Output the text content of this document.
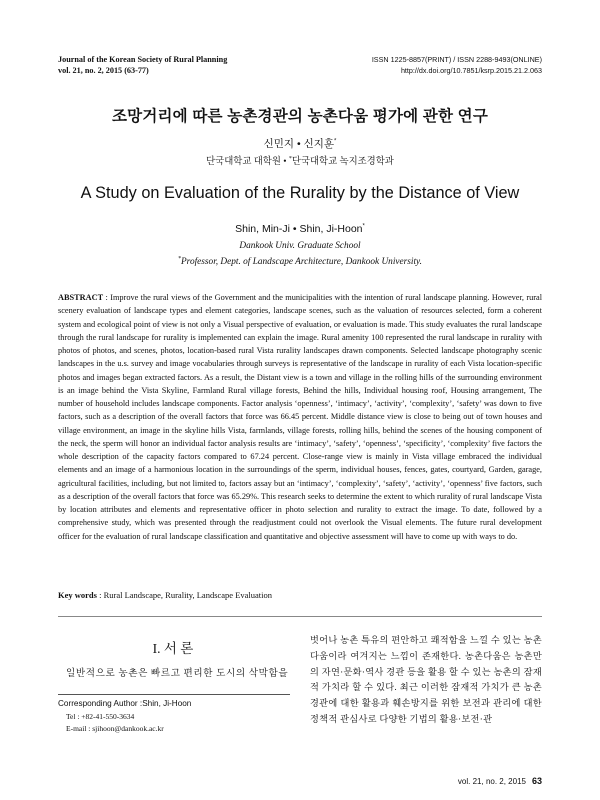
Journal of the Korean Society of Rural Planning
vol. 21, no. 2, 2015 (63-77)
ISSN 1225-8857(PRINT) / ISSN 2288-9493(ONLINE)
http://dx.doi.org/10.7851/ksrp.2015.21.2.063
조망거리에 따른 농촌경관의 농촌다움 평가에 관한 연구
신민지 • 신지훈*
단국대학교 대학원 • *단국대학교 녹지조경학과
A Study on Evaluation of the Rurality by the Distance of View
Shin, Min-Ji • Shin, Ji-Hoon*
Dankook Univ. Graduate School
*Professor, Dept. of Landscape Architecture, Dankook University.
ABSTRACT : Improve the rural views of the Government and the municipalities with the intention of rural landscape planning. However, rural scenery evaluation of landscape types and element categories, landscape scenes, such as the valuation of resources selected, form a coherent system and ecological point of view is not only a Visual perspective of evaluation, or evaluation is made. This study evaluates the rural landscape through the rural landscape for rurality is implemented can explain the image. Rural amenity 100 represented the rural landscape in rurality with photos of photos, and scenes, photos, location-based rural Vista rurality landscapes drawn components. Selected landscape photography scenic landscapes in the u.s. survey and image vocabularies through surveys is representative of the landscape in rurality of each Vista location-specific photos and images began extracted factors. As a result, the Distant view is a town and village in the rolling hills of the surrounding environment is an image behind the Vista Skyline, Farmland Rural village forests, Behind the hills, Individual housing roof, Housing arrangement, The number of household includes landscape components. Factor analysis ‘openness’, ‘intimacy’, ‘activity’, ‘complexity’, ‘safety’ was down to five factors, such as a description of the overall factors that force was 66.45 percent. Middle distance view is close to being out of town houses and village environment, an image in the skyline hills Vista, farmlands, village forests, rolling hills, behind the scenes of the housing component of the neck, the sperm will honor an individual factor analysis results are ‘intimacy’, ‘safety’, ‘openness’, ‘specificity’, ‘complexity’ five factors the whole description of the capacity factors compared to 67.24 percent. Close-range view is mainly in Vista village embraced the individual elements and an image of a harmonious location in the surroundings of the sperm, individual houses, fences, gates, courtyard, Garden, garage, agricultural facilities, including, but not limited to, factors assay but an ‘intimacy’, ‘complexity’, ‘safety’, ‘activity’, ‘openness’ five factors, such as a description of the overall factors that force was 65.29%. This research seeks to determine the extent to which rurality of rural landscape Vista by location attributes and elements and representative officer in photo selection and rurality to extract the image. To date, followed by a comprehensive study, which was presented through the readjustment could not overlook the Visual elements. The future rural development officer for the evaluation of rural landscape classification and quantitative and objective assessment will have to come up with ways to do.
Key words : Rural Landscape, Rurality, Landscape Evaluation
I. 서 론
일반적으로 농촌은 빠르고 편리한 도시의 삭막함을
Corresponding Author :Shin, Ji-Hoon
Tel : +82-41-550-3634
E-mail : sjihoon@dankook.ac.kr
벗어나 농촌 특유의 편안하고 쾌적함을 느낄 수 있는 농촌다움이라 여겨지는 느낌이 존재한다. 농촌다움은 농촌만의 자연·문화·역사 경관 등을 활용 할 수 있는 농촌의 잠재적 가치라 할 수 있다. 최근 이러한 잠재적 가치가 큰 농촌경관에 대한 활용과 훼손방지를 위한 보전과 관리에 대한 정책적 관심사로 다양한 기법의 활용·보전·관
vol. 21, no. 2, 2015 63
